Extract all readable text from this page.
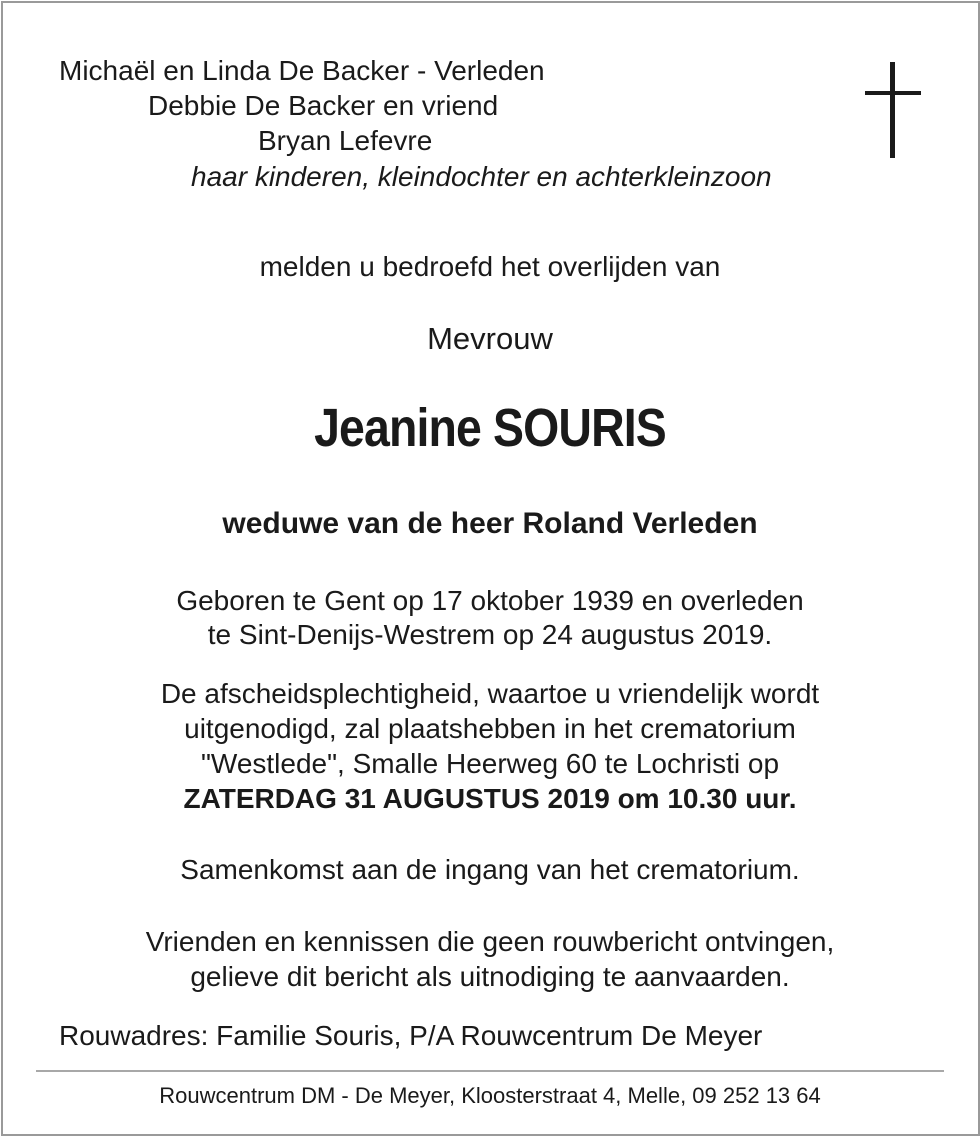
Michaël en Linda De Backer - Verleden
Debbie De Backer en vriend
Bryan Lefevre
haar kinderen, kleindochter en achterkleinzoon
melden u bedroefd het overlijden van
Mevrouw
Jeanine SOURIS
weduwe van de heer Roland Verleden
Geboren te Gent op 17 oktober 1939 en overleden
te Sint-Denijs-Westrem op 24 augustus 2019.
De afscheidsplechtigheid, waartoe u vriendelijk wordt
uitgenodigd, zal plaatshebben in het crematorium
"Westlede", Smalle Heerweg 60 te Lochristi op
ZATERDAG 31 AUGUSTUS 2019 om 10.30 uur.
Samenkomst aan de ingang van het crematorium.
Vrienden en kennissen die geen rouwbericht ontvingen,
gelieve dit bericht als uitnodiging te aanvaarden.
Rouwadres: Familie Souris, P/A Rouwcentrum De Meyer
Rouwcentrum DM - De Meyer, Kloosterstraat 4, Melle, 09 252 13 64
